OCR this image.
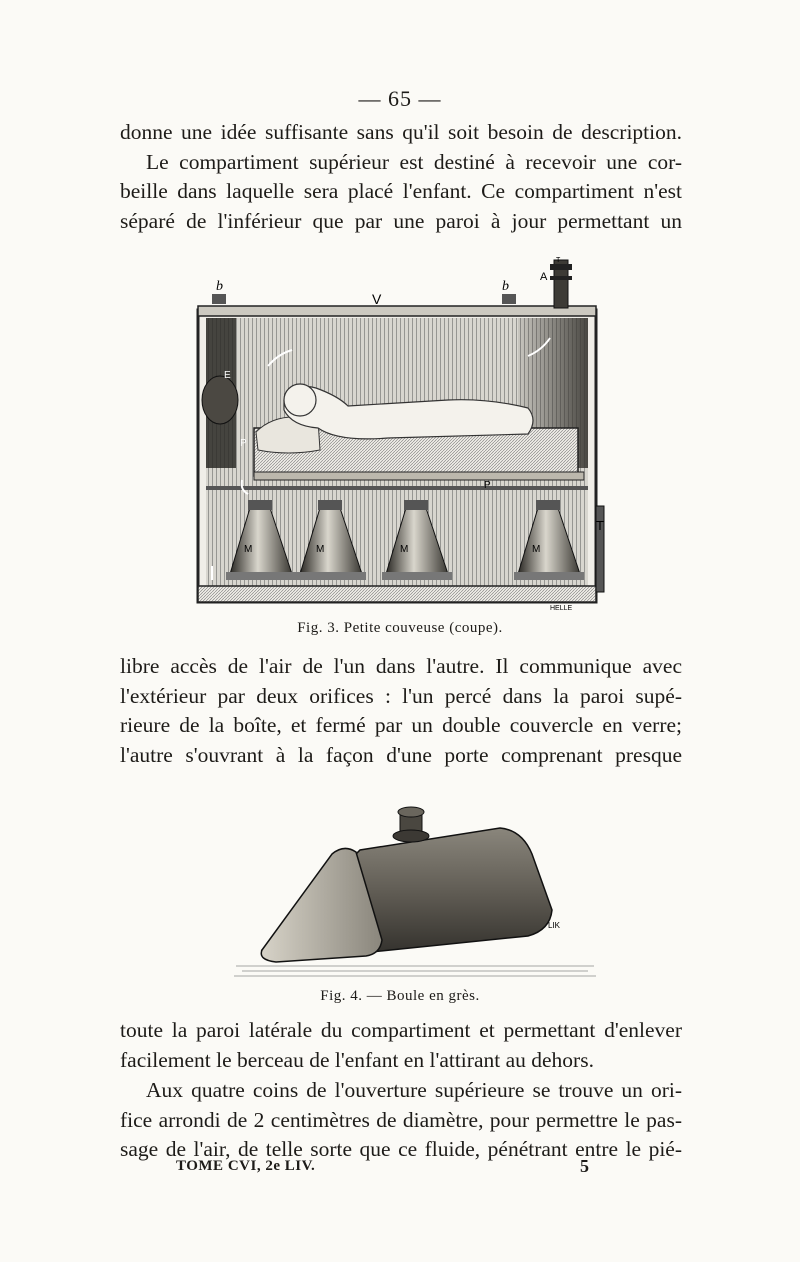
— 65 —
donne une idée suffisante sans qu'il soit besoin de description.
Le compartiment supérieur est destiné à recevoir une cor-
beille dans laquelle sera placé l'enfant. Ce compartiment n'est
séparé de l'inférieur que par une paroi à jour permettant un
b
V
b
T
A
E
P
P
M	M	M	M
T
HELLE
Fig. 3. Petite couveuse (coupe).
libre accès de l'air de l'un dans l'autre. Il communique avec
l'extérieur par deux orifices : l'un percé dans la paroi supé-
rieure de la boîte, et fermé par un double couvercle en verre;
l'autre s'ouvrant à la façon d'une porte comprenant presque
LIK
Fig. 4. — Boule en grès.
toute la paroi latérale du compartiment et permettant d'enlever
facilement le berceau de l'enfant en l'attirant au dehors.
Aux quatre coins de l'ouverture supérieure se trouve un ori-
fice arrondi de 2 centimètres de diamètre, pour permettre le pas-
sage de l'air, de telle sorte que ce fluide, pénétrant entre le pié-
TOME CVI, 2e LIV.	5
